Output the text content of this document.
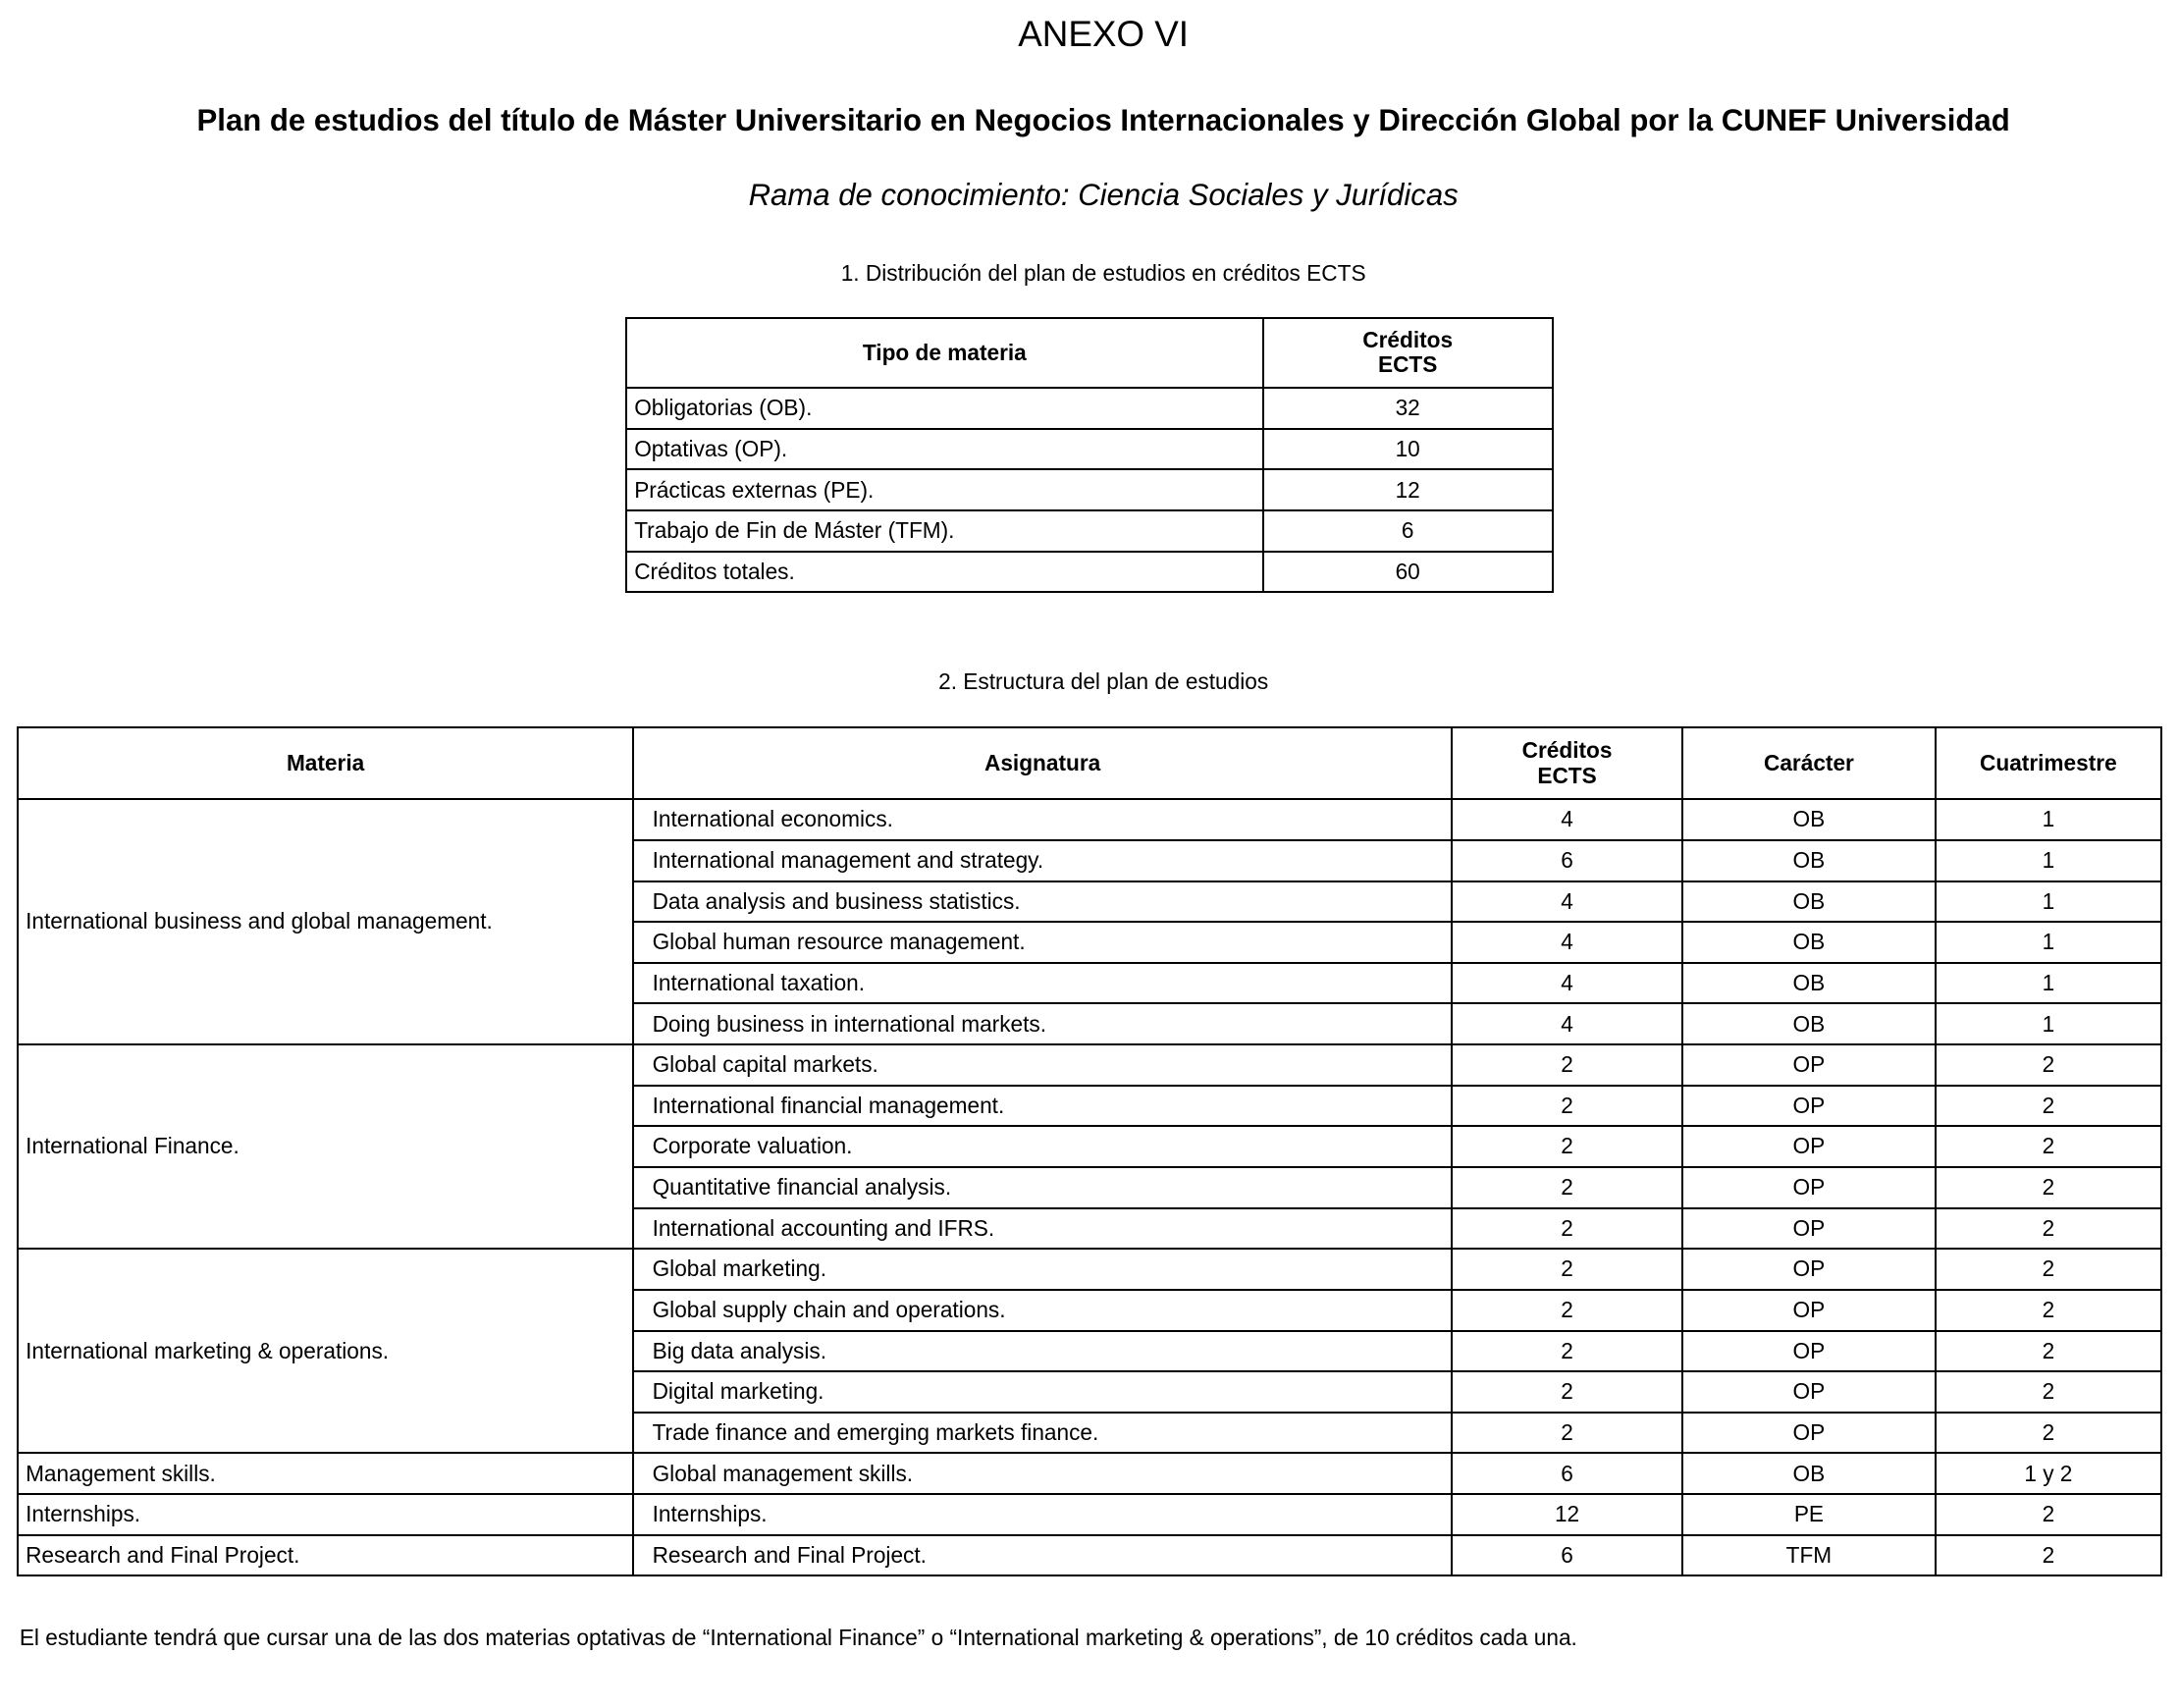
ANEXO VI
Plan de estudios del título de Máster Universitario en Negocios Internacionales y Dirección Global por la CUNEF Universidad
Rama de conocimiento: Ciencia Sociales y Jurídicas
1. Distribución del plan de estudios en créditos ECTS
Tipo de materia	Créditos ECTS
Obligatorias (OB).	32
Optativas (OP).	10
Prácticas externas (PE).	12
Trabajo de Fin de Máster (TFM).	6
Créditos totales.	60
2. Estructura del plan de estudios
Materia	Asignatura	Créditos ECTS	Carácter	Cuatrimestre
International business and global management.	International economics.	4	OB	1
	International management and strategy.	6	OB	1
	Data analysis and business statistics.	4	OB	1
	Global human resource management.	4	OB	1
	International taxation.	4	OB	1
	Doing business in international markets.	4	OB	1
International Finance.	Global capital markets.	2	OP	2
	International financial management.	2	OP	2
	Corporate valuation.	2	OP	2
	Quantitative financial analysis.	2	OP	2
	International accounting and IFRS.	2	OP	2
International marketing & operations.	Global marketing.	2	OP	2
	Global supply chain and operations.	2	OP	2
	Big data analysis.	2	OP	2
	Digital marketing.	2	OP	2
	Trade finance and emerging markets finance.	2	OP	2
Management skills.	Global management skills.	6	OB	1 y 2
Internships.	Internships.	12	PE	2
Research and Final Project.	Research and Final Project.	6	TFM	2
El estudiante tendrá que cursar una de las dos materias optativas de “International Finance” o “International marketing & operations”, de 10 créditos cada una.
